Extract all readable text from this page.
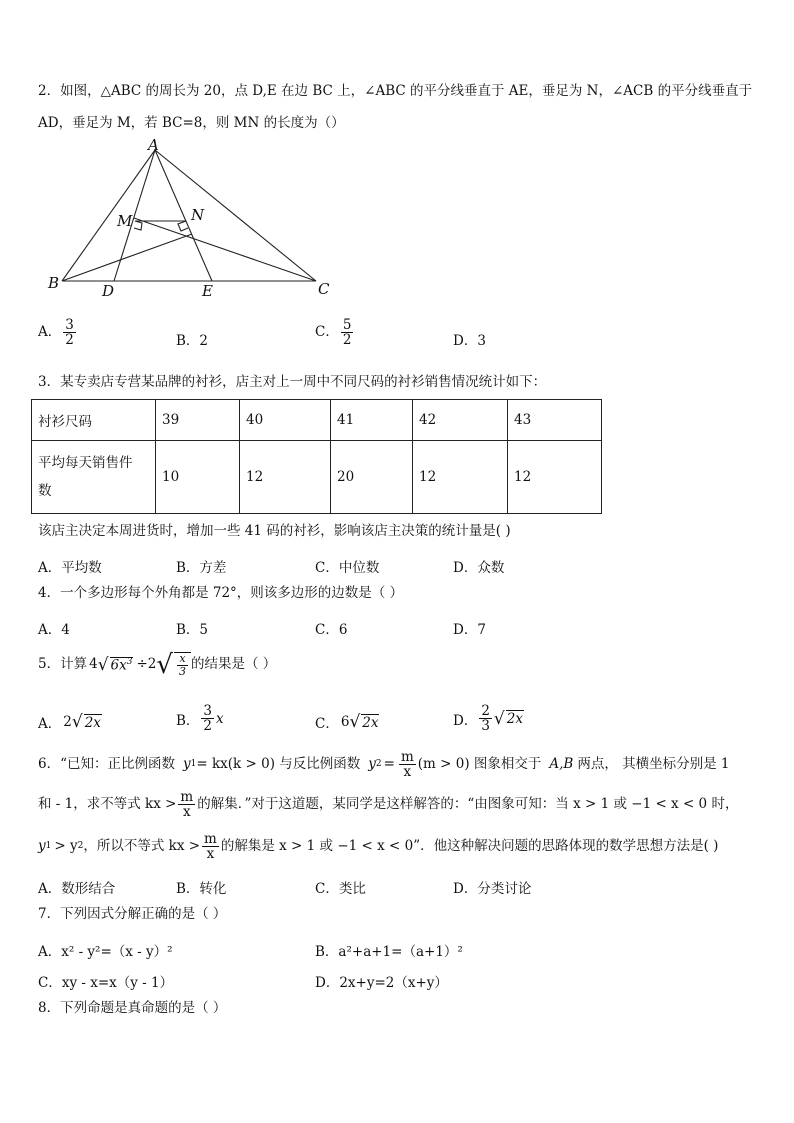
2．如图，△ABC 的周长为 20，点 D,E 在边 BC 上，∠ABC 的平分线垂直于 AE，垂足为 N，∠ACB 的平分线垂直于
AD，垂足为 M，若 BC=8，则 MN 的长度为（）
A
B	C
D	E
M	N
A． $\frac{3}{2}$	B．2
C． $\frac{5}{2}$	D．3
3．某专卖店专营某品牌的衬衫，店主对上一周中不同尺码的衬衫销售情况统计如下：
衬衫尺码	39	40	41	42	43
平均每天销售件
数	10	12	20	12	12
该店主决定本周进货时，增加一些 41 码的衬衫，影响该店主决策的统计量是( )
A．平均数	B．方差	C．中位数	D．众数
4．一个多边形每个外角都是 72°，则该多边形的边数是（ ）
A．4	B．5	C．6	D．7
5．计算 4 √ $6x^3 \div 2$ √ $\frac{x}{3}$ 的结果是（ ）
A． 2 √ 2x	B． $\frac{3}{2}$ x	C． 6 √ 2x	D． $\frac{2}{3}$ √ 2x
6．“已知：正比例函数 y 1 = kx(k > 0) 与反比例函数 y $2 = \frac{m}{x} (m > 0)$ 图象相交于 A,B 两点， 其横坐标分别是 1
和 - 1，求不等式 kx > $\frac{m}{x}$ 的解集．”对于这道题，某同学是这样解答的：“由图象可知：当 x > 1 或 −1 < x < 0 时，
y 1 > y 2 ，所以不等式 kx > $\frac{m}{x}$ 的解集是 x > 1 或 −1 < x < 0”．他这种解决问题的思路体现的数学思想方法是( )
A．数形结合	B．转化	C．类比	D．分类讨论
7．下列因式分解正确的是（ ）
A．x² - y²=（x - y）²	B．a²+a+1=（a+1）²
C．xy - x=x（y - 1）	D．2x+y=2（x+y）
8．下列命题是真命题的是（ ）
